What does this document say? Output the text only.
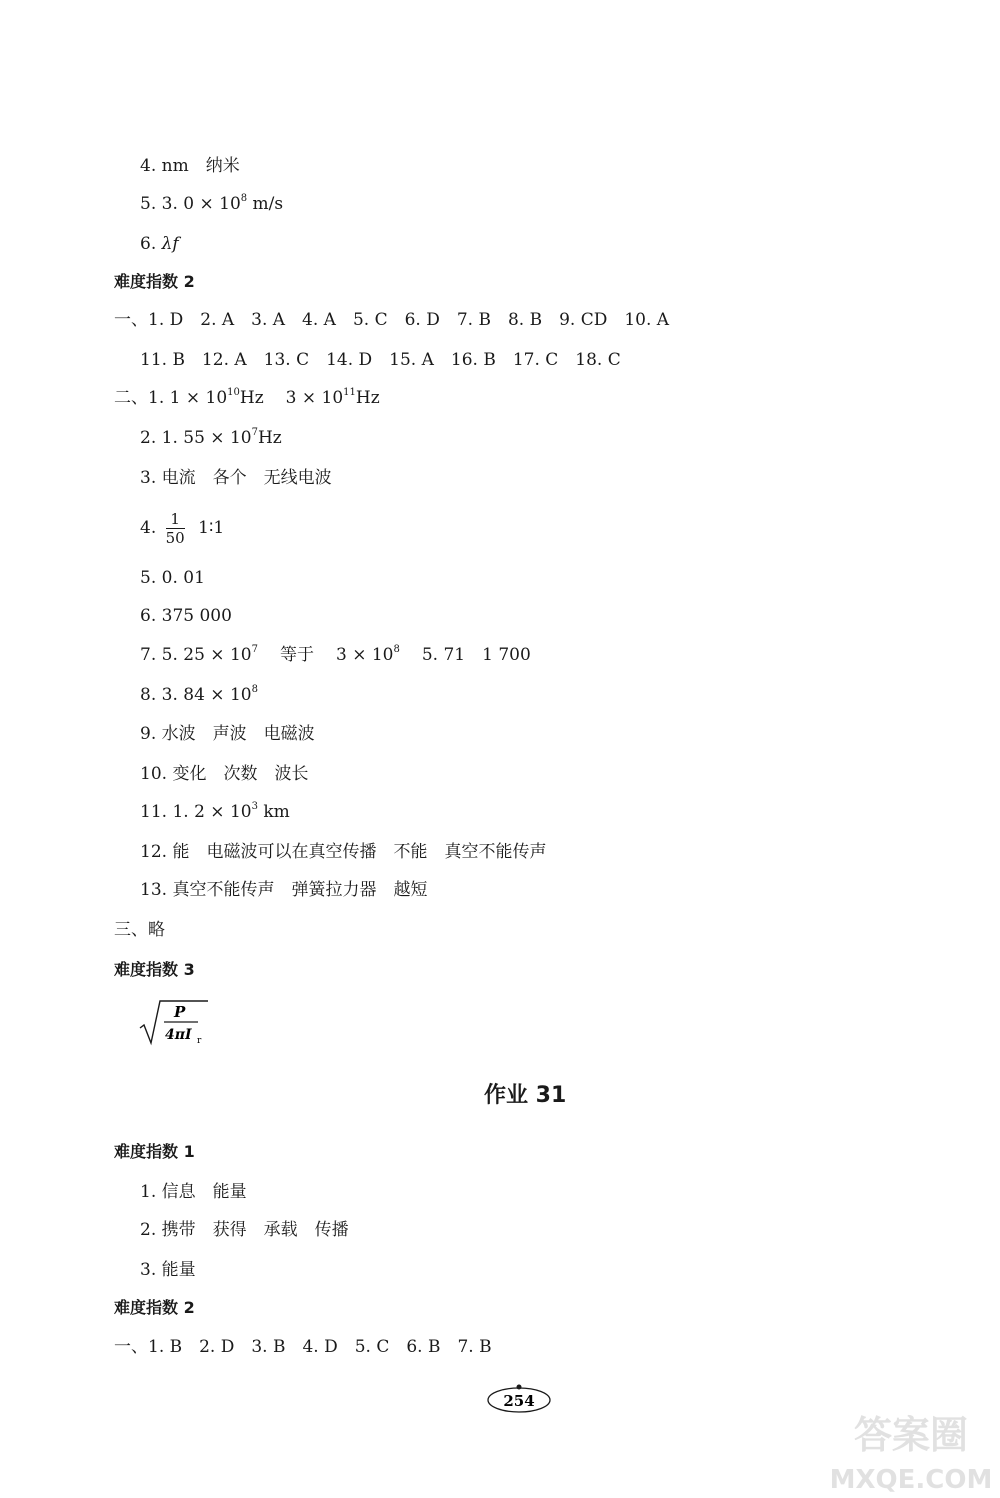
4. nm　纳米
5. 3. $0 \times 10^8$ m/s
6. λf
难度指数 2
一、1. D　2. A　3. A　4. A　5. C　6. D　7. B　8. B　9. CD　10. A
11. B　12. A　13. C　14. D　15. A　16. B　17. C　18. C
二、1. $1 \times 10^{10}Hz$ $3 \times 10^{11}Hz$
2. 1. $55 \times 10^7Hz$
3. 电流　各个　无线电波
4. $\frac{1}{50}$ 1∶1
5. 0. 01
6. 375 000
7. 5. $25 \times 10^7$ 等于 $3 \times 10^8$ 5. 71　1 700
8. 3. $84 \times 10^8$
9. 水波　声波　电磁波
10. 变化　次数　波长
11. 1. $2 \times 10^3$ km
12. 能　电磁波可以在真空传播　不能　真空不能传声
13. 真空不能传声　弹簧拉力器　越短
三、略
难度指数 3
P
4πI r
作业 31
难度指数 1
1. 信息　能量
2. 携带　获得　承载　传播
3. 能量
难度指数 2
一、1. B　2. D　3. B　4. D　5. C　6. B　7. B
254
答案圈
MXQE.COM
